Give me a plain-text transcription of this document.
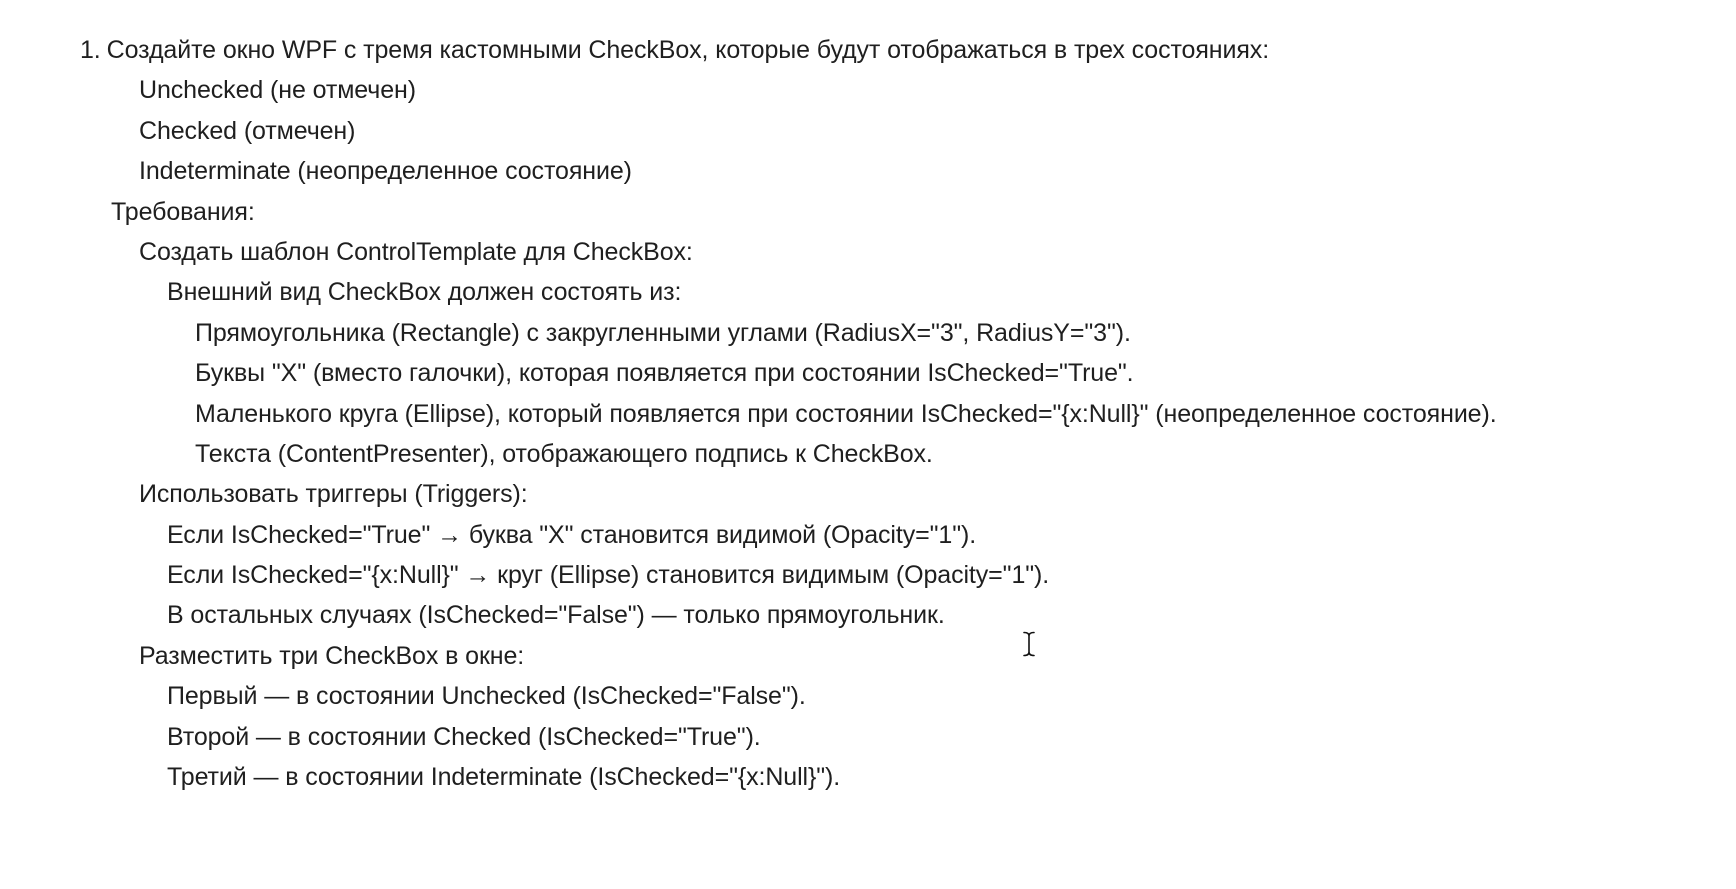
1. Создайте окно WPF с тремя кастомными CheckBox, которые будут отображаться в трех состояниях:
Unchecked (не отмечен)
Checked (отмечен)
Indeterminate (неопределенное состояние)
Требования:
Создать шаблон ControlTemplate для CheckBox:
Внешний вид CheckBox должен состоять из:
Прямоугольника (Rectangle) с закругленными углами (RadiusX="3", RadiusY="3").
Буквы "X" (вместо галочки), которая появляется при состоянии IsChecked="True".
Маленького круга (Ellipse), который появляется при состоянии IsChecked="{x:Null}" (неопределенное состояние).
Текста (ContentPresenter), отображающего подпись к CheckBox.
Использовать триггеры (Triggers):
Если IsChecked="True" → буква "X" становится видимой (Opacity="1").
Если IsChecked="{x:Null}" → круг (Ellipse) становится видимым (Opacity="1").
В остальных случаях (IsChecked="False") — только прямоугольник.
Разместить три CheckBox в окне:
Первый — в состоянии Unchecked (IsChecked="False").
Второй — в состоянии Checked (IsChecked="True").
Третий — в состоянии Indeterminate (IsChecked="{x:Null}").
